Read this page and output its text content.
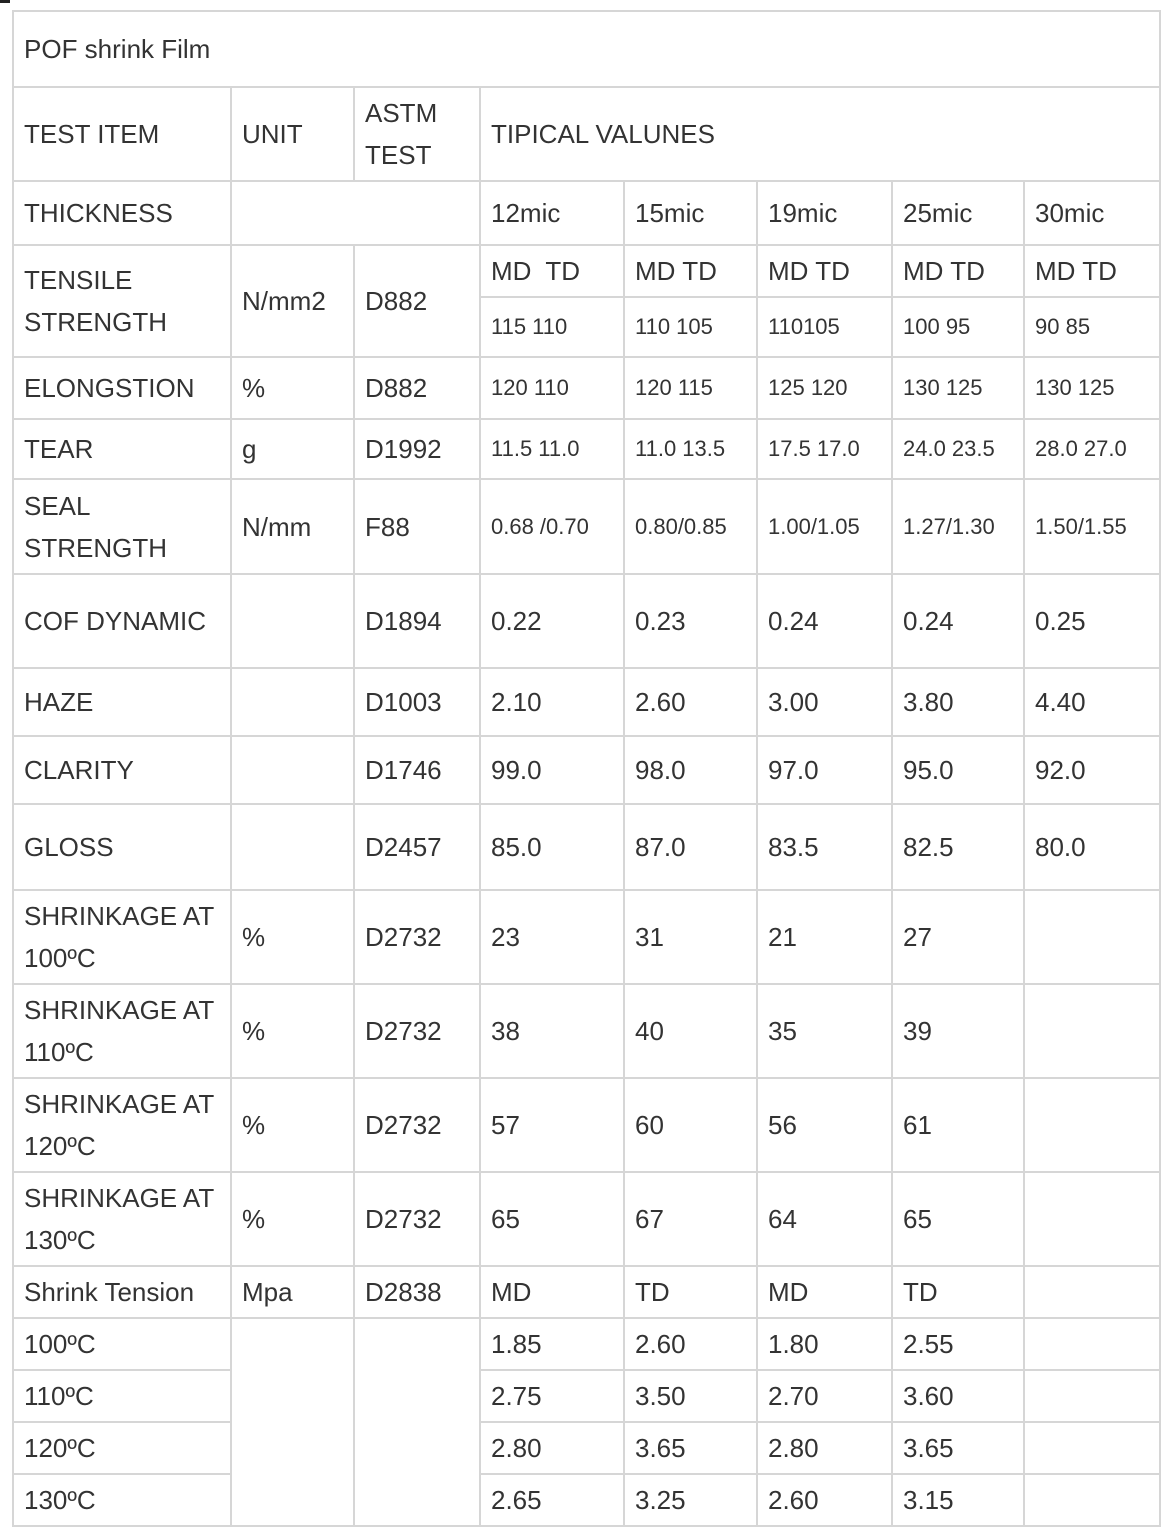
POF shrink Film							
TEST ITEM	UNIT	ASTM TEST	TIPICAL VALUNES				
THICKNESS			12mic	15mic	19mic	25mic	30mic
TENSILE STRENGTH	N/mm2	D882	MD  TD	MD TD	MD TD	MD TD	MD TD
			115 110	110 105	110105	100 95	90 85
ELONGSTION	%	D882	120 110	120 115	125 120	130 125	130 125
TEAR	g	D1992	11.5 11.0	11.0 13.5	17.5 17.0	24.0 23.5	28.0 27.0
SEAL STRENGTH	N/mm	F88	0.68 /0.70	0.80/0.85	1.00/1.05	1.27/1.30	1.50/1.55
COF DYNAMIC		D1894	0.22	0.23	0.24	0.24	0.25
HAZE		D1003	2.10	2.60	3.00	3.80	4.40
CLARITY		D1746	99.0	98.0	97.0	95.0	92.0
GLOSS		D2457	85.0	87.0	83.5	82.5	80.0
SHRINKAGE AT 100ºC	%	D2732	23	31	21	27	
SHRINKAGE AT 110ºC	%	D2732	38	40	35	39	
SHRINKAGE AT 120ºC	%	D2732	57	60	56	61	
SHRINKAGE AT 130ºC	%	D2732	65	67	64	65	
Shrink Tension	Mpa	D2838	MD	TD	MD	TD	
100ºC			1.85	2.60	1.80	2.55	
110ºC			2.75	3.50	2.70	3.60	
120ºC			2.80	3.65	2.80	3.65	
130ºC			2.65	3.25	2.60	3.15	
